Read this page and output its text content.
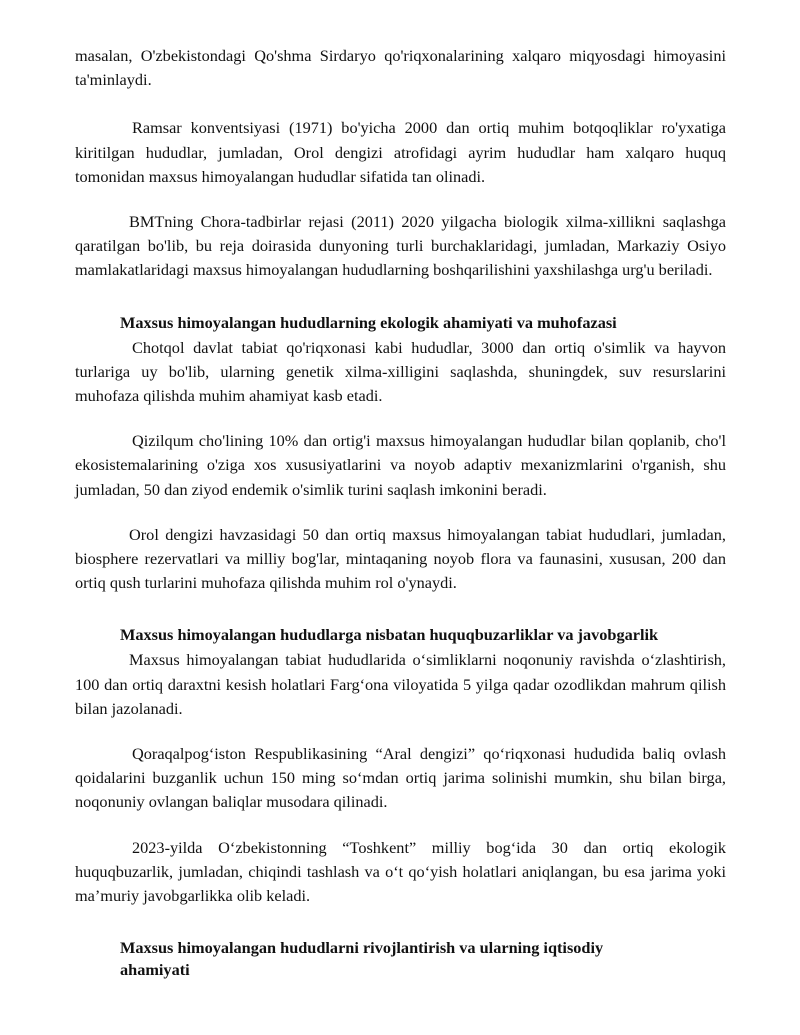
masalan, O'zbekistondagi Qo'shma Sirdaryo qo'riqxonalarining xalqaro miqyosdagi himoyasini ta'minlaydi.

Ramsar konventsiyasi (1971) bo'yicha 2000 dan ortiq muhim botqoqliklar ro'yxatiga kiritilgan hududlar, jumladan, Orol dengizi atrofidagi ayrim hududlar ham xalqaro huquq tomonidan maxsus himoyalangan hududlar sifatida tan olinadi.

BMTning Chora-tadbirlar rejasi (2011) 2020 yilgacha biologik xilma-xillikni saqlashga qaratilgan bo'lib, bu reja doirasida dunyoning turli burchaklaridagi, jumladan, Markaziy Osiyo mamlakatlaridagi maxsus himoyalangan hududlarning boshqarilishini yaxshilashga urg'u beriladi.

Maxsus himoyalangan hududlarning ekologik ahamiyati va muhofazasi

Chotqol davlat tabiat qo'riqxonasi kabi hududlar, 3000 dan ortiq o'simlik va hayvon turlariga uy bo'lib, ularning genetik xilma-xilligini saqlashda, shuningdek, suv resurslarini muhofaza qilishda muhim ahamiyat kasb etadi.

Qizilqum cho'lining 10% dan ortig'i maxsus himoyalangan hududlar bilan qoplanib, cho'l ekosistemalarining o'ziga xos xususiyatlarini va noyob adaptiv mexanizmlarini o'rganish, shu jumladan, 50 dan ziyod endemik o'simlik turini saqlash imkonini beradi.

Orol dengizi havzasidagi 50 dan ortiq maxsus himoyalangan tabiat hududlari, jumladan, biosphere rezervatlari va milliy bog'lar, mintaqaning noyob flora va faunasini, xususan, 200 dan ortiq qush turlarini muhofaza qilishda muhim rol o'ynaydi.

Maxsus himoyalangan hududlarga nisbatan huquqbuzarliklar va javobgarlik

Maxsus himoyalangan tabiat hududlarida o‘simliklarni noqonuniy ravishda o‘zlashtirish, 100 dan ortiq daraxtni kesish holatlari Farg‘ona viloyatida 5 yilga qadar ozodlikdan mahrum qilish bilan jazolanadi.

Qoraqalpog‘iston Respublikasining “Aral dengizi” qo‘riqxonasi hududida baliq ovlash qoidalarini buzganlik uchun 150 ming so‘mdan ortiq jarima solinishi mumkin, shu bilan birga, noqonuniy ovlangan baliqlar musodara qilinadi.

2023-yilda O‘zbekistonning “Toshkent” milliy bog‘ida 30 dan ortiq ekologik huquqbuzarlik, jumladan, chiqindi tashlash va o‘t qo‘yish holatlari aniqlangan, bu esa jarima yoki ma’muriy javobgarlikka olib keladi.

Maxsus himoyalangan hududlarni rivojlantirish va ularning iqtisodiy ahamiyati
